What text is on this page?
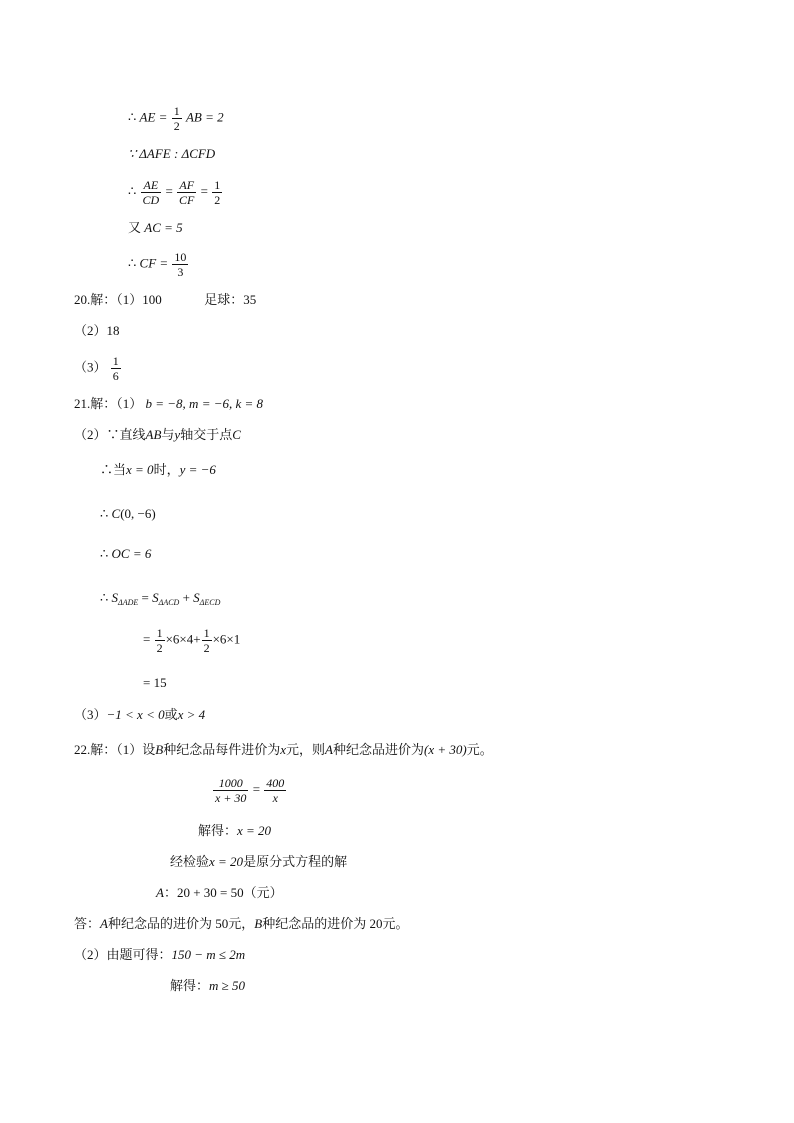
∴ AE = $\frac{1}{2}$ AB = 2
∵ ΔAFE : ΔCFD
∴ $\frac{AE}{CD} = \frac{AF}{CF} = \frac{1}{2}$
又 AC = 5
∴ CF = $\frac{10}{3}$
20.解：（1）100	足球：35
（2）18
$(3) \frac{1}{6}$
21.解：（1） b = −8, m = −6, k = 8
（2）∵直线AB与y轴交于点C
∴当x = 0时，y = −6
∴ C(0, −6)
∴ OC = 6
∴ $S_{\Delta ADE} = S_{\Delta ACD} + S_{\Delta ECD}$
= $\frac{1}{2} \times 6\times 4+ \frac{1}{2} \times 6\times 1$
= 15
（3）−1 < x < 0或x > 4
22.解：（1）设B种纪念品每件进价为x元，则A种纪念品进价为(x + 30)元。
$\frac{1000}{x + 30} = \frac{400}{x}$
解得：x = 20
经检验x = 20是原分式方程的解
A：20 + 30 = 50（元）
答：A种纪念品的进价为 50元，B种纪念品的进价为 20元。
（2）由题可得：150 − m ≤ 2m
解得：m ≥ 50
